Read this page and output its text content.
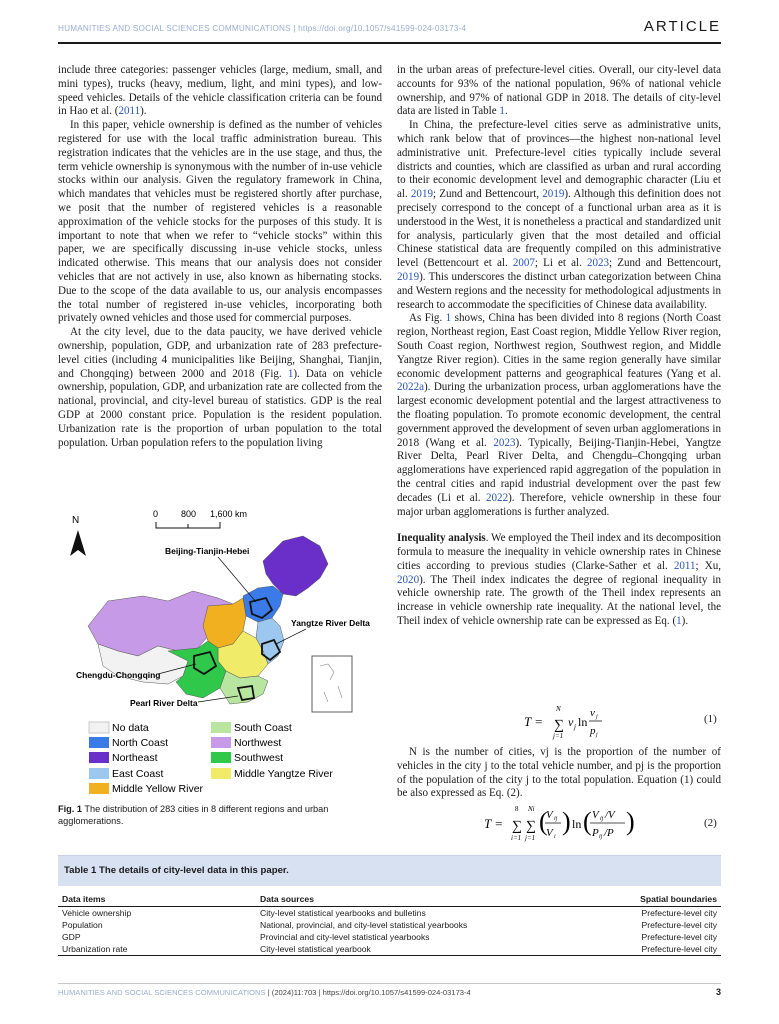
HUMANITIES AND SOCIAL SCIENCES COMMUNICATIONS | https://doi.org/10.1057/s41599-024-03173-4	ARTICLE

include three categories: passenger vehicles (large, medium, small, and mini types), trucks (heavy, medium, light, and mini types), and low-speed vehicles. Details of the vehicle classification criteria can be found in Hao et al. (2011).

In this paper, vehicle ownership is defined as the number of vehicles registered for use with the local traffic administration bureau. This registration indicates that the vehicles are in the use stage, and thus, the term vehicle ownership is synonymous with the number of in-use vehicle stocks within our analysis. Given the regulatory framework in China, which mandates that vehicles must be registered shortly after purchase, we posit that the number of registered vehicles is a reasonable approximation of the vehicle stocks for the purposes of this study. It is important to note that when we refer to “vehicle stocks” within this paper, we are specifically discussing in-use vehicle stocks, unless indicated otherwise. This means that our analysis does not consider vehicles that are not actively in use, also known as hibernating stocks. Due to the scope of the data available to us, our analysis encompasses the total number of registered in-use vehicles, incorporating both privately owned vehicles and those used for commercial purposes.

At the city level, due to the data paucity, we have derived vehicle ownership, population, GDP, and urbanization rate of 283 prefecture-level cities (including 4 municipalities like Beijing, Shanghai, Tianjin, and Chongqing) between 2000 and 2018 (Fig. 1). Data on vehicle ownership, population, GDP, and urbanization rate are collected from the national, provincial, and city-level bureau of statistics. GDP is the real GDP at 2000 constant price. Population is the resident population. Urbanization rate is the proportion of urban population to the total population. Urban population refers to the population living

in the urban areas of prefecture-level cities. Overall, our city-level data accounts for 93% of the national population, 96% of national vehicle ownership, and 97% of national GDP in 2018. The details of city-level data are listed in Table 1.

In China, the prefecture-level cities serve as administrative units, which rank below that of provinces—the highest non-national level administrative unit. Prefecture-level cities typically include several districts and counties, which are classified as urban and rural according to their economic development level and demographic character (Liu et al. 2019; Zund and Bettencourt, 2019). Although this definition does not precisely correspond to the concept of a functional urban area as it is understood in the West, it is nonetheless a practical and standardized unit for analysis, particularly given that the most detailed and official Chinese statistical data are frequently compiled on this administrative level (Bettencourt et al. 2007; Li et al. 2023; Zund and Bettencourt, 2019). This underscores the distinct urban categorization between China and Western regions and the necessity for methodological adjustments in research to accommodate the specificities of Chinese data availability.

As Fig. 1 shows, China has been divided into 8 regions (North Coast region, Northeast region, East Coast region, Middle Yellow River region, South Coast region, Northwest region, Southwest region, and Middle Yangtze River region). Cities in the same region generally have similar economic development patterns and geographical features (Yang et al. 2022a). During the urbanization process, urban agglomerations have the largest economic development potential and the largest attractiveness to the floating population. To promote economic development, the central government approved the development of seven urban agglomerations in 2018 (Wang et al. 2023). Typically, Beijing-Tianjin-Hebei, Yangtze River Delta, Pearl River Delta, and Chengdu–Chongqing urban agglomerations have experienced rapid aggregation of the population in the central cities and rapid industrial development over the past few decades (Li et al. 2022). Therefore, vehicle ownership in these four major urban agglomerations is further analyzed.

Inequality analysis. We employed the Theil index and its decomposition formula to measure the inequality in vehicle ownership rates in Chinese cities according to previous studies (Clarke-Sather et al. 2011; Xu, 2020). The Theil index indicates the degree of regional inequality in vehicle ownership rate. The growth of the Theil index represents an increase in vehicle ownership rate inequality. At the national level, the Theil index of vehicle ownership rate can be expressed as Eq. (1).

T =
N
∑
j=1
v j ln
v j
p j
(1)

N is the number of cities, vj is the proportion of the number of vehicles in the city j to the total vehicle number, and pj is the proportion of the population of the city j to the total population. Equation (1) could be also expressed as Eq. (2).

T =
8
∑
i=1
Ni
∑
j=1
(
V ij
V i
) ln ( V ij /V
P ij /P )	(2)
N
0	800 1,600 km
Beijing-Tianjin-Hebei
Yangtze River Delta
Chengdu-Chongqing
Pearl River Delta
No data
North Coast
Northeast
East Coast
Middle Yellow River
South Coast
Northwest
Southwest
Middle Yangtze River
Fig. 1 The distribution of 283 cities in 8 different regions and urban agglomerations.
Table 1 The details of city-level data in this paper.
Data items	Data sources	Spatial boundaries
Vehicle ownership	City-level statistical yearbooks and bulletins	Prefecture-level city
Population	National, provincial, and city-level statistical yearbooks	Prefecture-level city
GDP	Provincial and city-level statistical yearbooks	Prefecture-level city
Urbanization rate	City-level statistical yearbook	Prefecture-level city
HUMANITIES AND SOCIAL SCIENCES COMMUNICATIONS | (2024)11:703 | https://doi.org/10.1057/s41599-024-03173-4	3
